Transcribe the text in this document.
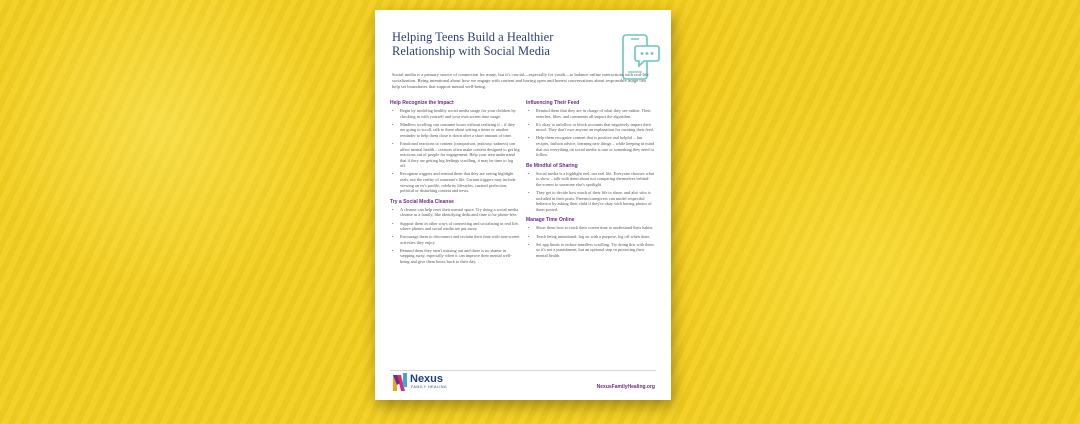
Helping Teens Build a Healthier Relationship with Social Media

Social media is a primary source of connection for many, but it's crucial—especially for youth—to balance online interactions with real-life socialization. Being intentional about how we engage with content and having open and honest conversations about responsible usage can help set boundaries that support mental well-being.

Help Recognize the Impact
• Begin by modeling healthy social media usage for your children by checking in with yourself and your own screen time usage.
• Mindless scrolling can consume hours without realizing it – if they are going to scroll, talk to them about setting a timer or another reminder to help them close it down after a short amount of time.
• Emotional reactions to content (comparison, jealousy, sadness) can affect mental health – creators often make content designed to get big reactions out of people for engagement. Help your teen understand that if they are getting big feelings scrolling, it may be time to log off.
• Recognize triggers and remind them that they are seeing highlight reels, not the reality of someone's life. Certain triggers may include viewing an ex's profile, celebrity lifestyles, curated perfection, political or disturbing content and news.
Try a Social Media Cleanse
• A cleanse can help reset their mental space. Try doing a social media cleanse as a family, like identifying dedicated time to be phone-free.
• Support them in other ways of connecting and socializing in real life, where phones and social media are put away.
• Encourage them to disconnect and reclaim their time with non-screen activities they enjoy.
• Remind them they aren't missing out and there is no shame in stepping away, especially when it can improve their mental well-being and give them hours back to their day.
Influencing Their Feed
• Remind them that they are in charge of what they see online. Their searches, likes, and comments all impact the algorithm.
• It's okay to unfollow or block accounts that negatively impact their mood. They don't owe anyone an explanation for curating their feed.
• Help them recognize content that is positive and helpful – fun recipes, fashion advice, learning new things – while keeping in mind that not everything on social media is true or something they need to follow.
Be Mindful of Sharing
• Social media is a highlight reel, not real life. Everyone chooses what to show – talk with them about not comparing themselves behind-the-scenes to someone else's spotlight.
• They get to decide how much of their life to share, and also who is included in their posts. Parents/caregivers can model respectful behavior by asking their child if they're okay with having photos of them posted.
Manage Time Online
• Show them how to track their screen time to understand their habits.
• Teach being intentional: log on with a purpose, log off when done.
• Set app limits to reduce mindless scrolling. Try doing this with them so it's not a punishment, but an optional step in protecting their mental health.
Nexus
FAMILY HEALING	NexusFamilyHealing.org
